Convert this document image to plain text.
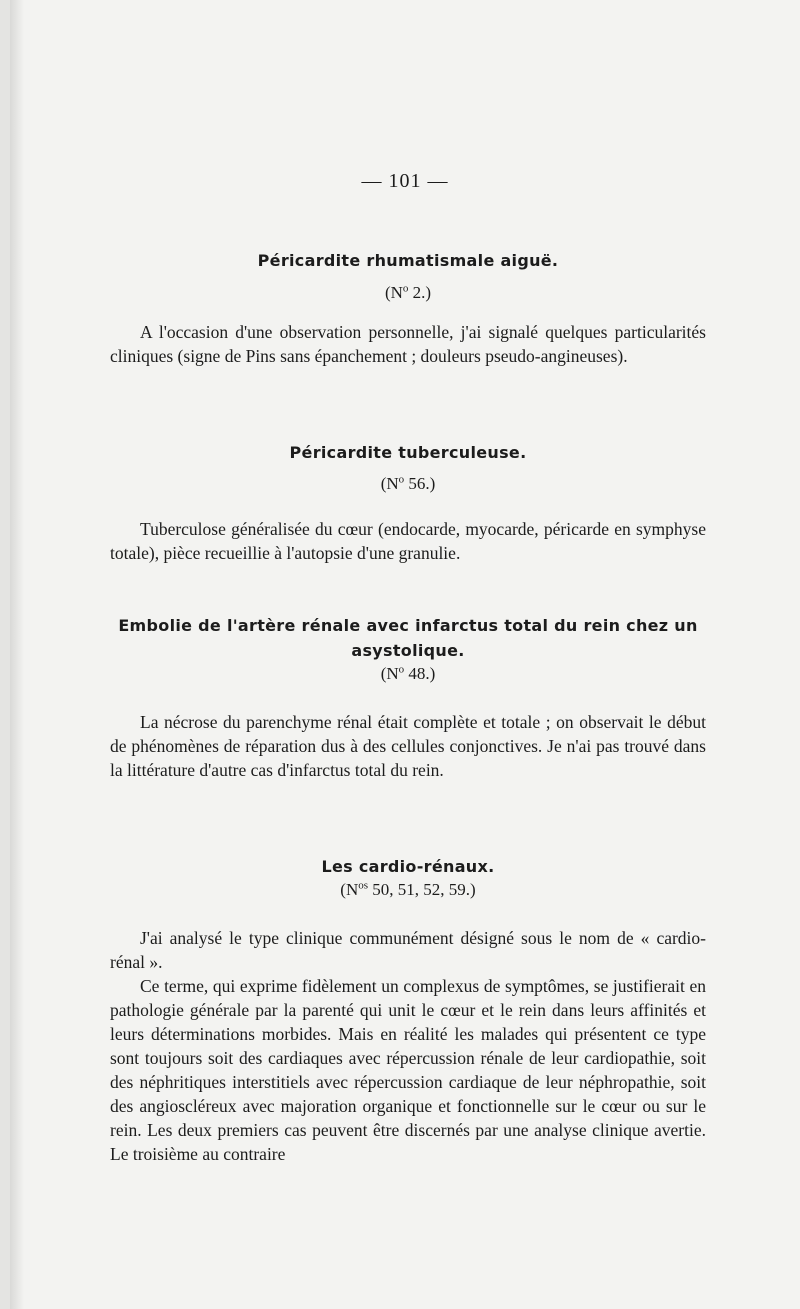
— 101 —
Péricardite rhumatismale aiguë.
($N^o$ 2.)

A l'occasion d'une observation personnelle, j'ai signalé quelques particularités cliniques (signe de Pins sans épanchement ; douleurs pseudo-angineuses).

Péricardite tuberculeuse.
($N^o$ 56.)

Tuberculose généralisée du cœur (endocarde, myocarde, péricarde en symphyse totale), pièce recueillie à l'autopsie d'une granulie.

Embolie de l'artère rénale avec infarctus total du rein chez un asystolique.
($N^o$ 48.)

La nécrose du parenchyme rénal était complète et totale ; on observait le début de phénomènes de réparation dus à des cellules conjonctives. Je n'ai pas trouvé dans la littérature d'autre cas d'infarctus total du rein.

Les cardio-rénaux.
($N^{os}$ 50, 51, 52, 59.)

J'ai analysé le type clinique communément désigné sous le nom de « cardio-rénal ».

Ce terme, qui exprime fidèlement un complexus de symptômes, se justifierait en pathologie générale par la parenté qui unit le cœur et le rein dans leurs affinités et leurs déterminations morbides. Mais en réalité les malades qui présentent ce type sont toujours soit des cardiaques avec répercussion rénale de leur cardiopathie, soit des néphritiques interstitiels avec répercussion cardiaque de leur néphropathie, soit des angioscléreux avec majoration organique et fonctionnelle sur le cœur ou sur le rein. Les deux premiers cas peuvent être discernés par une analyse clinique avertie. Le troisième au contraire
